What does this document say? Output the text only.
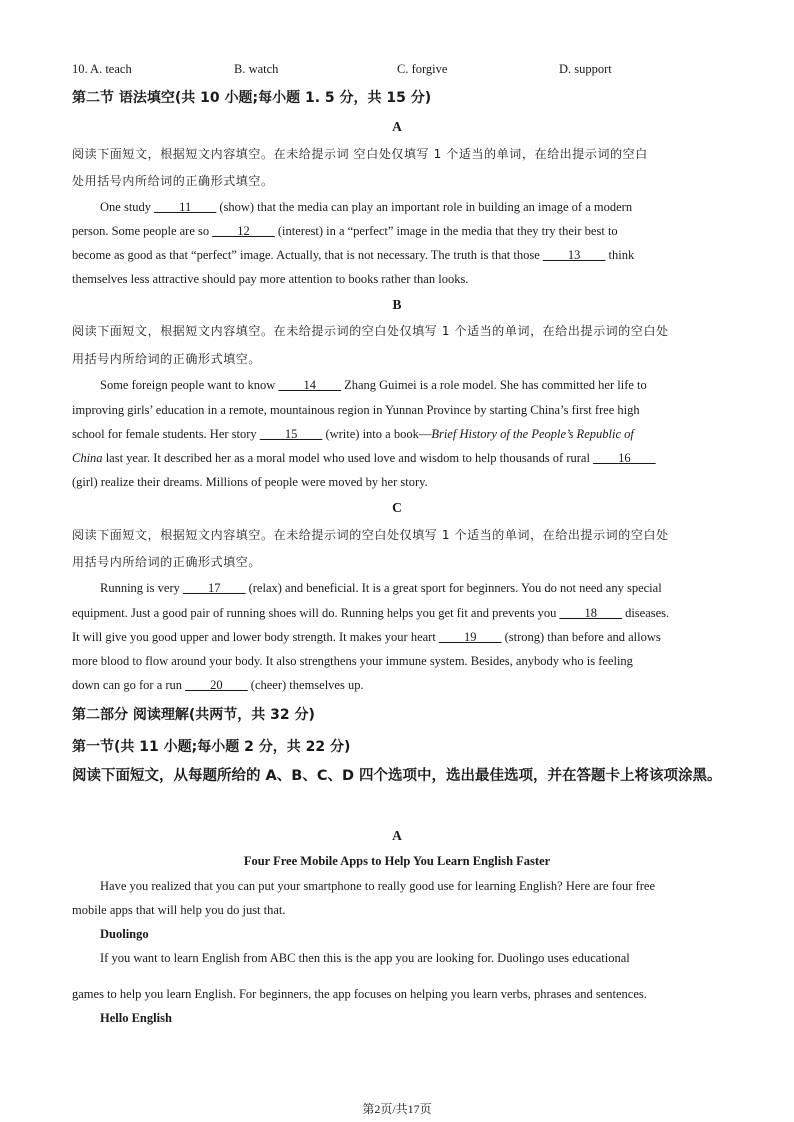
10. A. teach	B. watch	C. forgive	D. support
第二节 语法填空(共 10 小题;每小题 1. 5 分，共 15 分)
A
阅读下面短文，根据短文内容填空。在未给提示词 空白处仅填写 1 个适当的单词，在给出提示词的空白
处用括号内所给词的正确形式填空。
One study ____11____ (show) that the media can play an important role in building an image of a modern
person. Some people are so ____12____ (interest) in a “perfect” image in the media that they try their best to
become as good as that “perfect” image. Actually, that is not necessary. The truth is that those ____13____ think
themselves less attractive should pay more attention to books rather than looks.
B
阅读下面短文，根据短文内容填空。在未给提示词的空白处仅填写 1 个适当的单词，在给出提示词的空白处
用括号内所给词的正确形式填空。
Some foreign people want to know ____14____ Zhang Guimei is a role model. She has committed her life to
improving girls’ education in a remote, mountainous region in Yunnan Province by starting China’s first free high
school for female students. Her story ____15____ (write) into a book—Brief History of the People’s Republic of
China last year. It described her as a moral model who used love and wisdom to help thousands of rural ____16____
(girl) realize their dreams. Millions of people were moved by her story.
C
阅读下面短文，根据短文内容填空。在未给提示词的空白处仅填写 1 个适当的单词，在给出提示词的空白处
用括号内所给词的正确形式填空。
Running is very ____17____ (relax) and beneficial. It is a great sport for beginners. You do not need any special
equipment. Just a good pair of running shoes will do. Running helps you get fit and prevents you ____18____ diseases.
It will give you good upper and lower body strength. It makes your heart ____19____ (strong) than before and allows
more blood to flow around your body. It also strengthens your immune system. Besides, anybody who is feeling
down can go for a run ____20____ (cheer) themselves up.
第二部分 阅读理解(共两节，共 32 分)
第一节(共 11 小题;每小题 2 分，共 22 分)
阅读下面短文，从每题所给的 A、B、C、D 四个选项中，选出最佳选项，并在答题卡上将该项涂黑。
A
Four Free Mobile Apps to Help You Learn English Faster
Have you realized that you can put your smartphone to really good use for learning English? Here are four free
mobile apps that will help you do just that.
Duolingo
If you want to learn English from ABC then this is the app you are looking for. Duolingo uses educational
games to help you learn English. For beginners, the app focuses on helping you learn verbs, phrases and sentences.
Hello English
第2页/共17页
